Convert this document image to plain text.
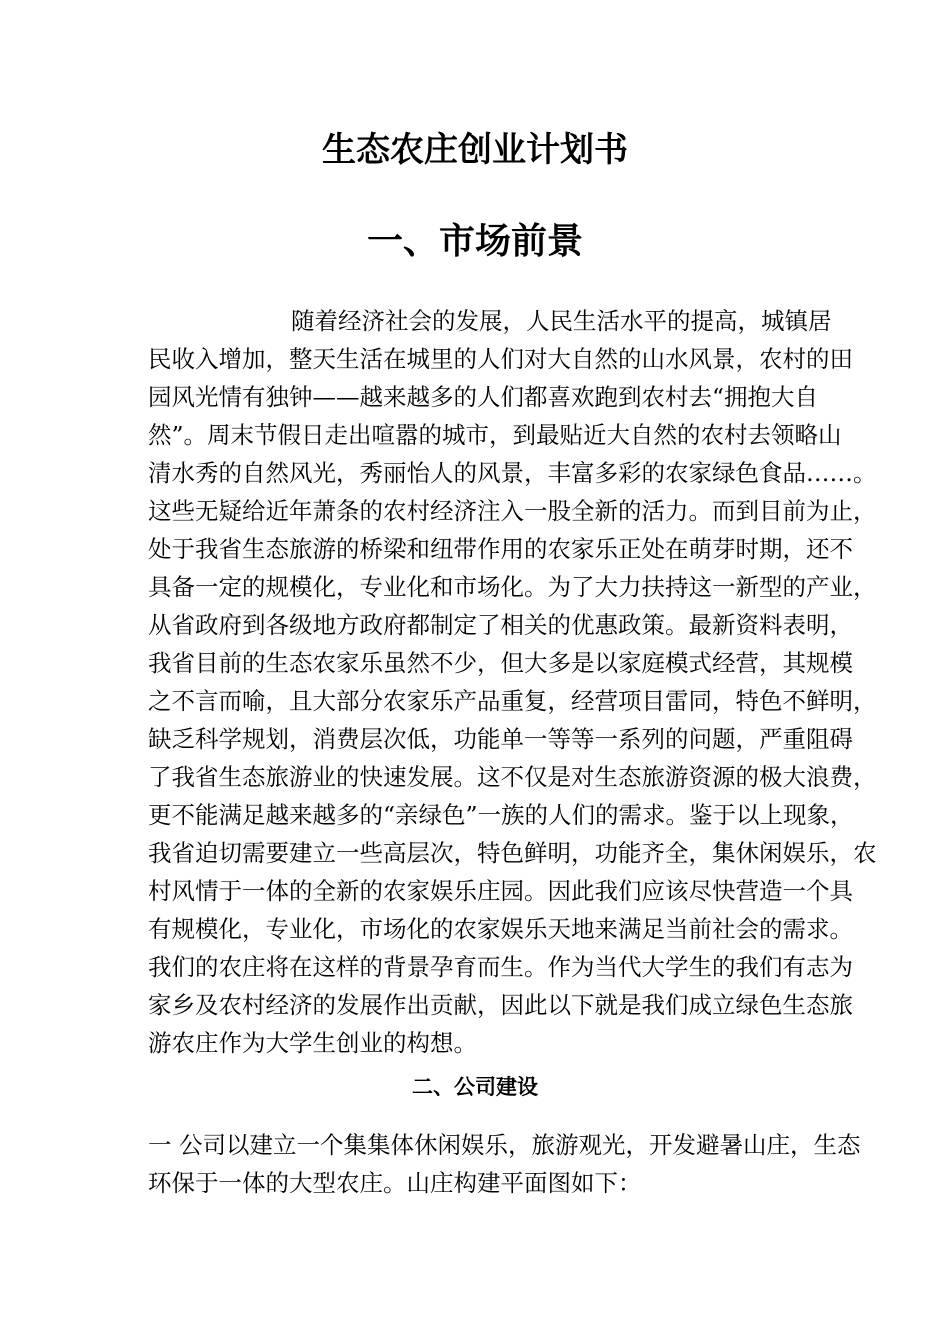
生态农庄创业计划书
一、市场前景
随着经济社会的发展，人民生活水平的提高，城镇居
民收入增加，整天生活在城里的人们对大自然的山水风景，农村的田
园风光情有独钟——越来越多的人们都喜欢跑到农村去“拥抱大自
然”。周末节假日走出喧嚣的城市，到最贴近大自然的农村去领略山
清水秀的自然风光，秀丽怡人的风景，丰富多彩的农家绿色食品……。
这些无疑给近年萧条的农村经济注入一股全新的活力。而到目前为止，
处于我省生态旅游的桥梁和纽带作用的农家乐正处在萌芽时期，还不
具备一定的规模化，专业化和市场化。为了大力扶持这一新型的产业，
从省政府到各级地方政府都制定了相关的优惠政策。最新资料表明，
我省目前的生态农家乐虽然不少，但大多是以家庭模式经营，其规模
之不言而喻，且大部分农家乐产品重复，经营项目雷同，特色不鲜明，
缺乏科学规划，消费层次低，功能单一等等一系列的问题，严重阻碍
了我省生态旅游业的快速发展。这不仅是对生态旅游资源的极大浪费，
更不能满足越来越多的“亲绿色”一族的人们的需求。鉴于以上现象，
我省迫切需要建立一些高层次，特色鲜明，功能齐全，集休闲娱乐，农
村风情于一体的全新的农家娱乐庄园。因此我们应该尽快营造一个具
有规模化，专业化，市场化的农家娱乐天地来满足当前社会的需求。
我们的农庄将在这样的背景孕育而生。作为当代大学生的我们有志为
家乡及农村经济的发展作出贡献，因此以下就是我们成立绿色生态旅
游农庄作为大学生创业的构想。
二、公司建设
一 公司以建立一个集集体休闲娱乐，旅游观光，开发避暑山庄，生态
环保于一体的大型农庄。山庄构建平面图如下：
